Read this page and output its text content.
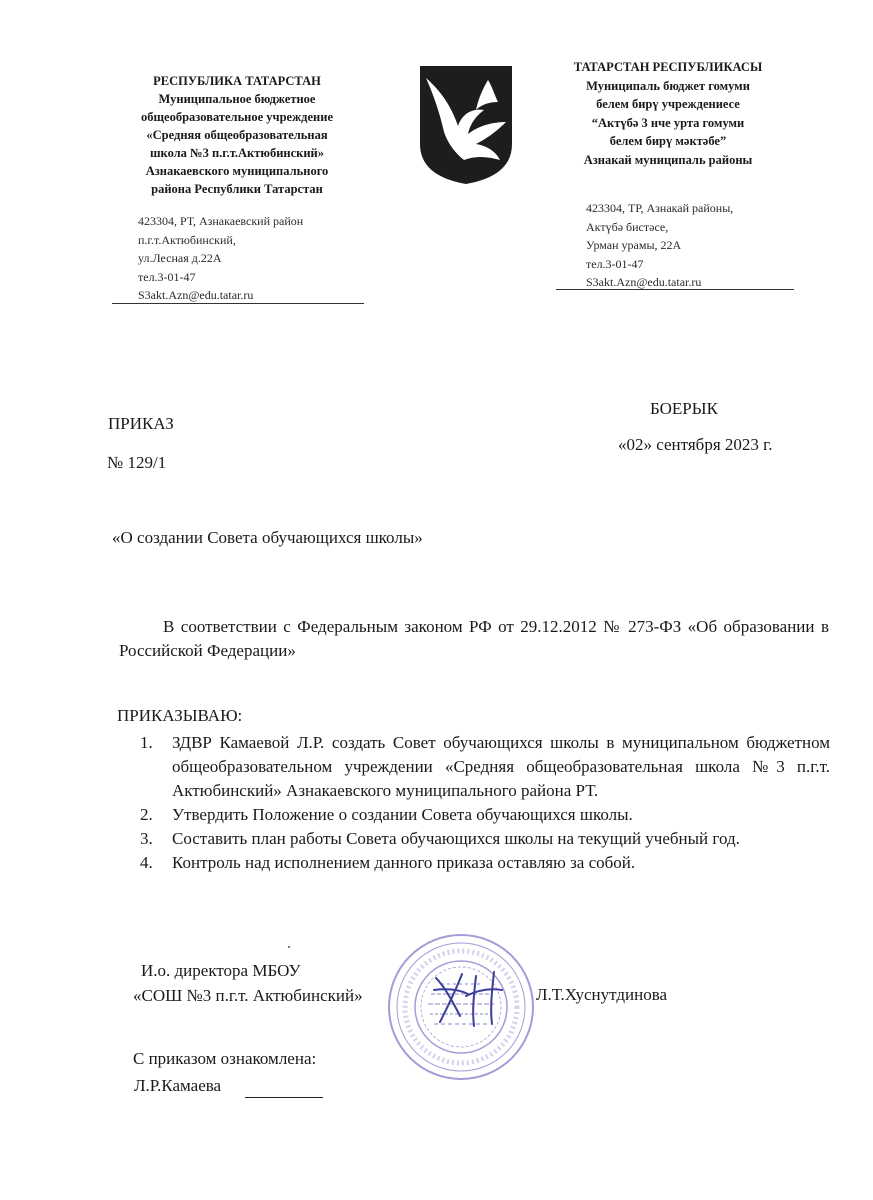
РЕСПУБЛИКА ТАТАРСТАН
Муниципальное бюджетное
общеобразовательное учреждение
«Средняя общеобразовательная
школа №3 п.г.т.Актюбинский»
Азнакаевского муниципального
района Республики Татарстан
423304, РТ, Азнакаевский район
п.г.т.Актюбинский,
ул.Лесная д.22А
тел.3-01-47
S3akt.Azn@edu.tatar.ru
ТАТАРСТАН РЕСПУБЛИКАСЫ
Муниципаль бюджет гомуми
белем бирү учреждениесе
“Актүбә 3 нче урта гомуми
белем бирү мәктәбе”
Азнакай муниципаль районы
423304, ТР, Азнакай районы,
Актүбә бистәсе,
Урман урамы, 22А
тел.3-01-47
S3akt.Azn@edu.tatar.ru
ПРИКАЗ
№ 129/1
БОЕРЫК
«02» сентября 2023 г.
«О создании Совета обучающихся школы»
В соответствии с Федеральным законом РФ от 29.12.2012 № 273-ФЗ «Об образовании в Российской Федерации»
ПРИКАЗЫВАЮ:
1. ЗДВР Камаевой Л.Р. создать Совет обучающихся школы в муниципальном бюджетном общеобразовательном учреждении «Средняя общеобразовательная школа №3 п.г.т. Актюбинский» Азнакаевского муниципального района РТ.
2. Утвердить Положение о создании Совета обучающихся школы.
3. Составить план работы Совета обучающихся школы на текущий учебный год.
4. Контроль над исполнением данного приказа оставляю за собой.
И.о. директора МБОУ
«СОШ №3 п.г.т. Актюбинский»	Л.Т.Хуснутдинова
С приказом ознакомлена:
Л.Р.Камаева
